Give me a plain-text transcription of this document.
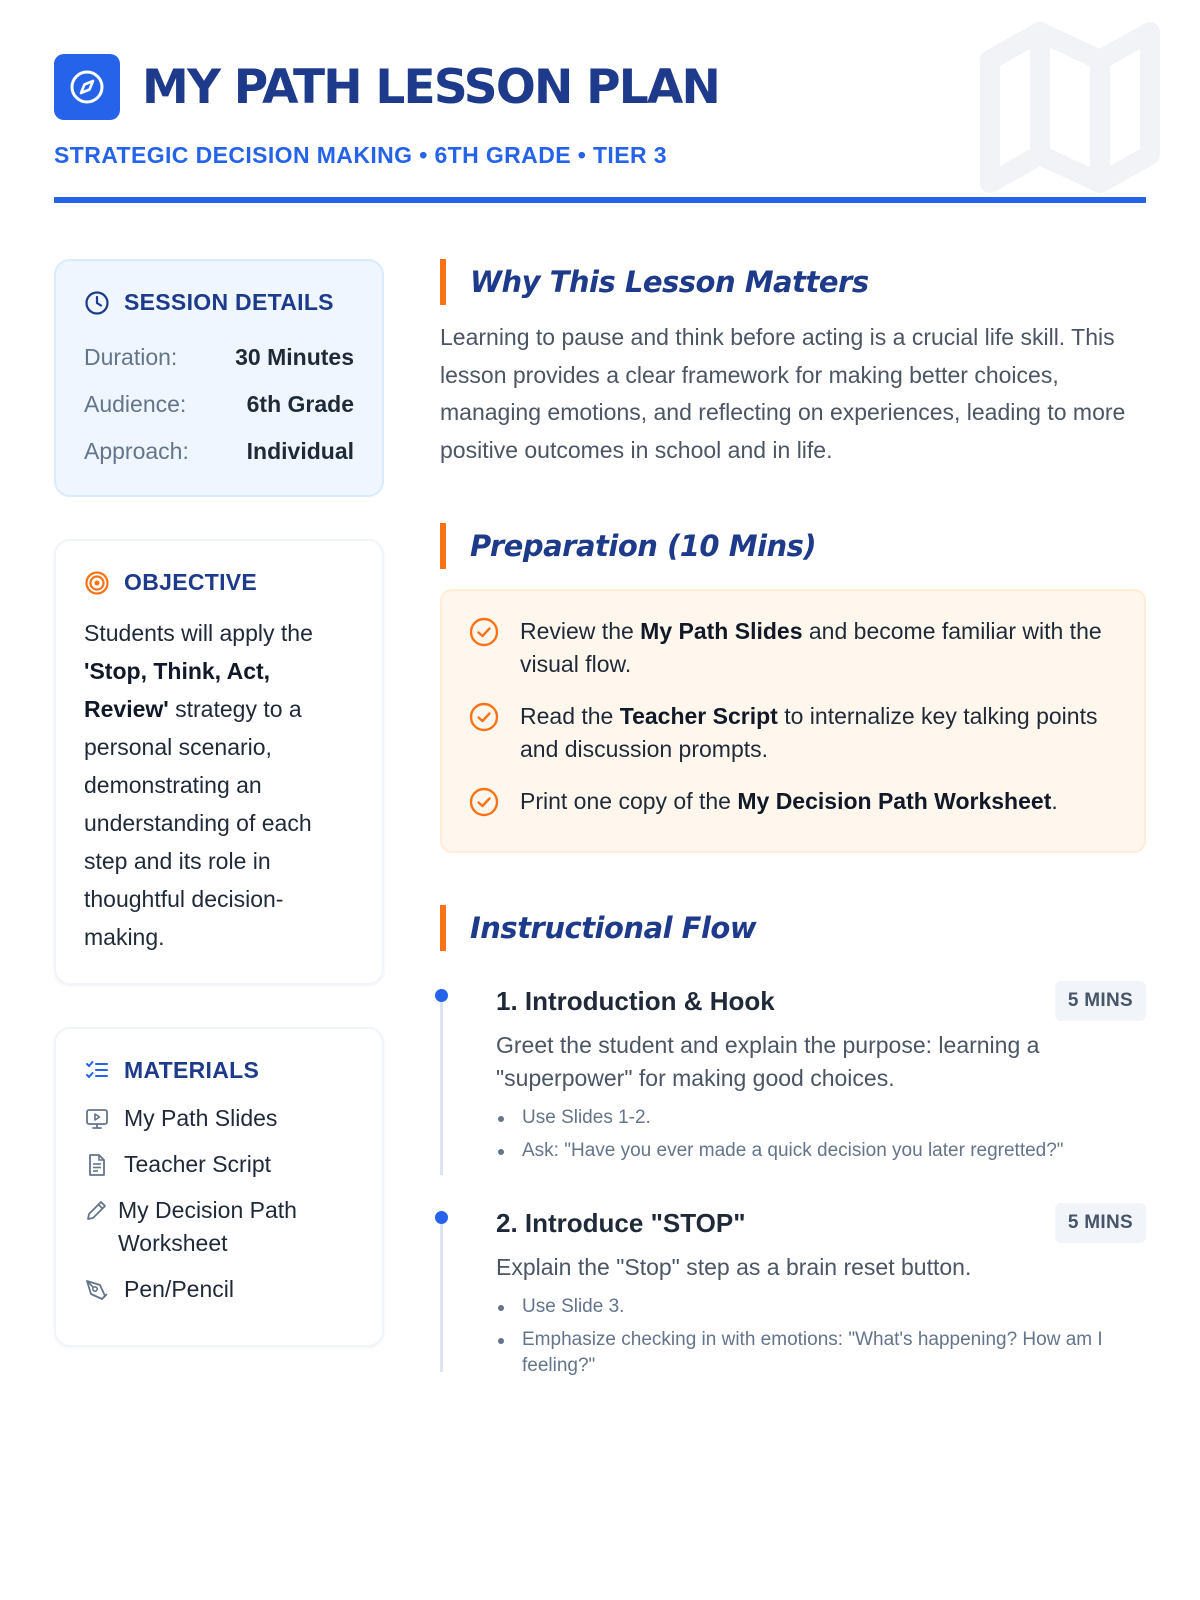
MY PATH LESSON PLAN
STRATEGIC DECISION MAKING • 6TH GRADE • TIER 3
SESSION DETAILS
Duration:	30 Minutes
Audience:	6th Grade
Approach:	Individual
OBJECTIVE

Students will apply the 'Stop, Think, Act, Review' strategy to a personal scenario, demonstrating an understanding of each step and its role in thoughtful decision-making.

MATERIALS
My Path Slides
Teacher Script
My Decision Path Worksheet
Pen/Pencil
Why This Lesson Matters

Learning to pause and think before acting is a crucial life skill. This lesson provides a clear framework for making better choices, managing emotions, and reflecting on experiences, leading to more positive outcomes in school and in life.

Preparation (10 Mins)
Review the My Path Slides and become familiar with the visual flow.
Read the Teacher Script to internalize key talking points and discussion prompts.
Print one copy of the My Decision Path Worksheet.
Instructional Flow
1. Introduction & Hook	5 MINS

Greet the student and explain the purpose: learning a "superpower" for making good choices.

Use Slides 1-2.
Ask: "Have you ever made a quick decision you later regretted?"
2. Introduce "STOP"	5 MINS

Explain the "Stop" step as a brain reset button.

Use Slide 3.
Emphasize checking in with emotions: "What's happening? How am I feeling?"
